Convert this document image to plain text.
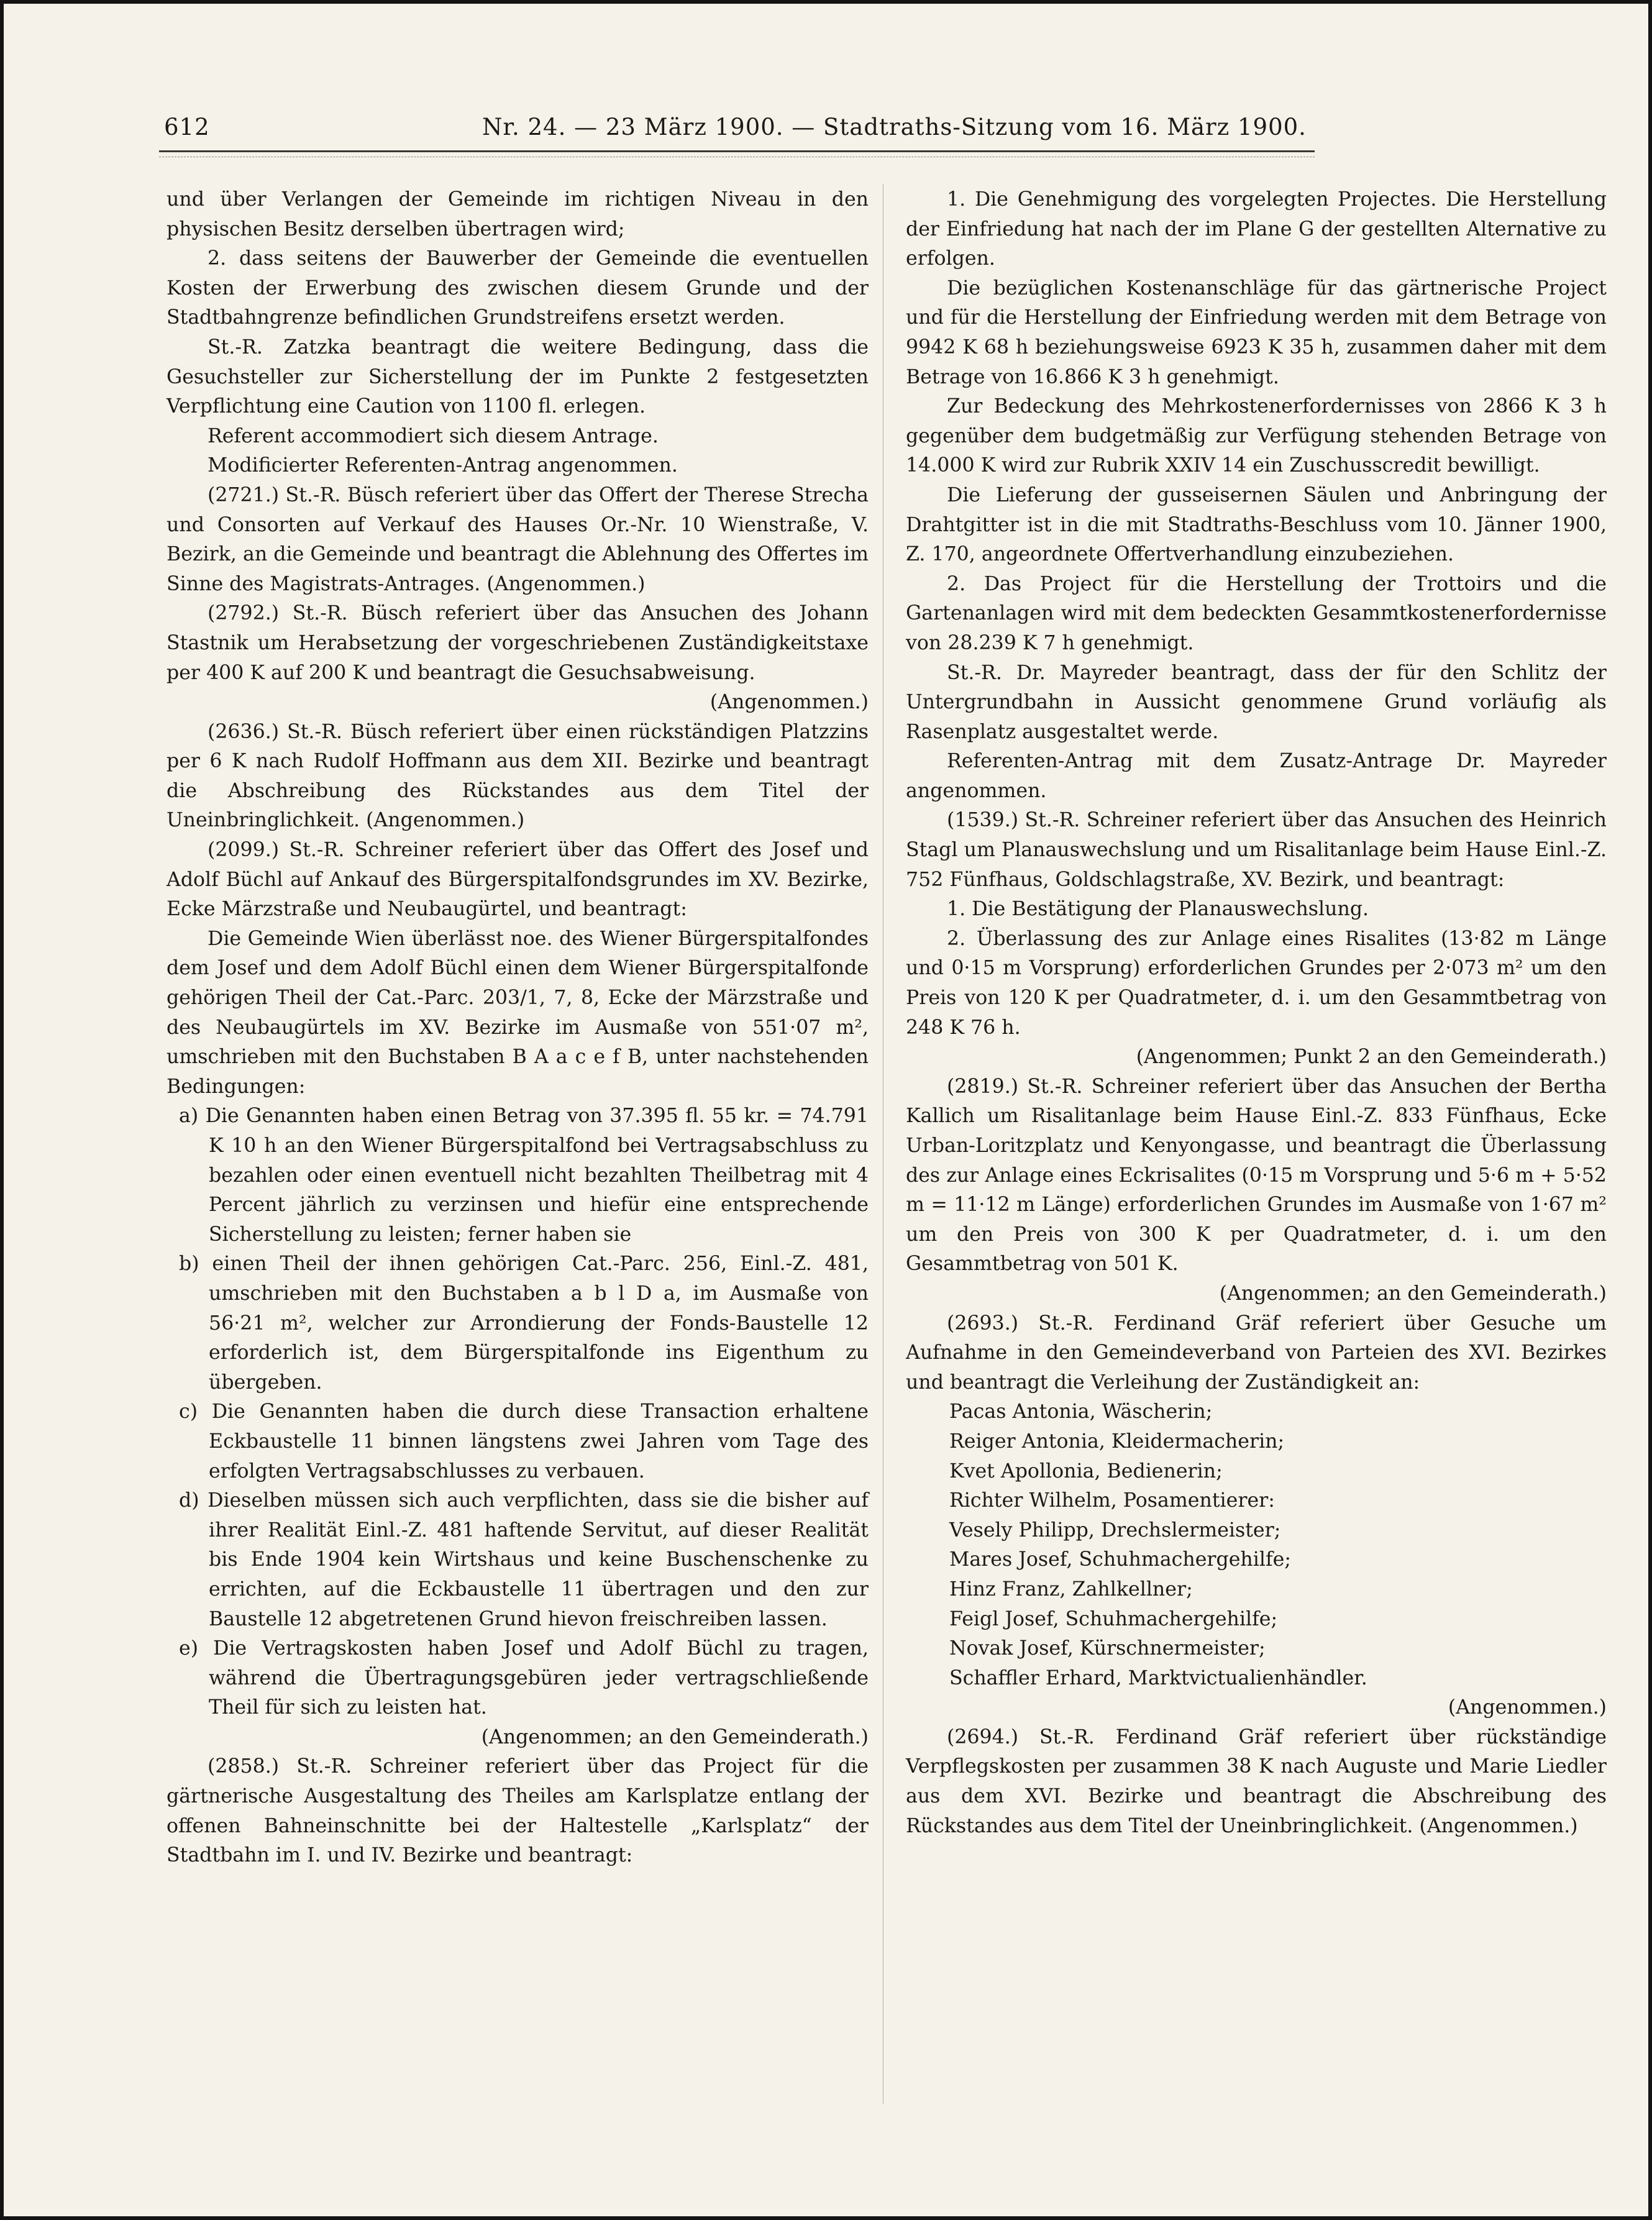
612	Nr. 24. — 23 März 1900. — Stadtraths-Sitzung vom 16. März 1900.

und über Verlangen der Gemeinde im richtigen Niveau in den physischen Besitz derselben übertragen wird;

2. dass seitens der Bauwerber der Gemeinde die eventuellen Kosten der Erwerbung des zwischen diesem Grunde und der Stadtbahngrenze befindlichen Grundstreifens ersetzt werden.

St.-R. Zatzka beantragt die weitere Bedingung, dass die Gesuchsteller zur Sicherstellung der im Punkte 2 festgesetzten Verpflichtung eine Caution von 1100 fl. erlegen.

Referent accommodiert sich diesem Antrage.

Modificierter Referenten-Antrag angenommen.

(2721.) St.-R. Büsch referiert über das Offert der Therese Strecha und Consorten auf Verkauf des Hauses Or.-Nr. 10 Wienstraße, V. Bezirk, an die Gemeinde und beantragt die Ablehnung des Offertes im Sinne des Magistrats-Antrages. (Angenommen.)

(2792.) St.-R. Büsch referiert über das Ansuchen des Johann Stastnik um Herabsetzung der vorgeschriebenen Zuständigkeitstaxe per 400 K auf 200 K und beantragt die Gesuchsabweisung.

(Angenommen.)

(2636.) St.-R. Büsch referiert über einen rückständigen Platzzins per 6 K nach Rudolf Hoffmann aus dem XII. Bezirke und beantragt die Abschreibung des Rückstandes aus dem Titel der Uneinbringlichkeit. (Angenommen.)

(2099.) St.-R. Schreiner referiert über das Offert des Josef und Adolf Büchl auf Ankauf des Bürgerspitalfondsgrundes im XV. Bezirke, Ecke Märzstraße und Neubaugürtel, und beantragt:

Die Gemeinde Wien überlässt noe. des Wiener Bürgerspitalfondes dem Josef und dem Adolf Büchl einen dem Wiener Bürgerspitalfonde gehörigen Theil der Cat.-Parc. 203/1, 7, 8, Ecke der Märzstraße und des Neubaugürtels im XV. Bezirke im Ausmaße von 551·07 m², umschrieben mit den Buchstaben B A a c e f B, unter nachstehenden Bedingungen:

a) Die Genannten haben einen Betrag von 37.395 fl. 55 kr. = 74.791 K 10 h an den Wiener Bürgerspitalfond bei Vertragsabschluss zu bezahlen oder einen eventuell nicht bezahlten Theilbetrag mit 4 Percent jährlich zu verzinsen und hiefür eine entsprechende Sicherstellung zu leisten; ferner haben sie

b) einen Theil der ihnen gehörigen Cat.-Parc. 256, Einl.-Z. 481, umschrieben mit den Buchstaben a b l D a, im Ausmaße von 56·21 m², welcher zur Arrondierung der Fonds-Baustelle 12 erforderlich ist, dem Bürgerspitalfonde ins Eigenthum zu übergeben.

c) Die Genannten haben die durch diese Transaction erhaltene Eckbaustelle 11 binnen längstens zwei Jahren vom Tage des erfolgten Vertragsabschlusses zu verbauen.

d) Dieselben müssen sich auch verpflichten, dass sie die bisher auf ihrer Realität Einl.-Z. 481 haftende Servitut, auf dieser Realität bis Ende 1904 kein Wirtshaus und keine Buschenschenke zu errichten, auf die Eckbaustelle 11 übertragen und den zur Baustelle 12 abgetretenen Grund hievon freischreiben lassen.

e) Die Vertragskosten haben Josef und Adolf Büchl zu tragen, während die Übertragungsgebüren jeder vertragschließende Theil für sich zu leisten hat.

(Angenommen; an den Gemeinderath.)

(2858.) St.-R. Schreiner referiert über das Project für die gärtnerische Ausgestaltung des Theiles am Karlsplatze entlang der offenen Bahneinschnitte bei der Haltestelle „Karlsplatz“ der Stadtbahn im I. und IV. Bezirke und beantragt:

1. Die Genehmigung des vorgelegten Projectes. Die Herstellung der Einfriedung hat nach der im Plane G der gestellten Alternative zu erfolgen.

Die bezüglichen Kostenanschläge für das gärtnerische Project und für die Herstellung der Einfriedung werden mit dem Betrage von 9942 K 68 h beziehungsweise 6923 K 35 h, zusammen daher mit dem Betrage von 16.866 K 3 h genehmigt.

Zur Bedeckung des Mehrkostenerfordernisses von 2866 K 3 h gegenüber dem budgetmäßig zur Verfügung stehenden Betrage von 14.000 K wird zur Rubrik XXIV 14 ein Zuschusscredit bewilligt.

Die Lieferung der gusseisernen Säulen und Anbringung der Drahtgitter ist in die mit Stadtraths-Beschluss vom 10. Jänner 1900, Z. 170, angeordnete Offertverhandlung einzubeziehen.

2. Das Project für die Herstellung der Trottoirs und die Gartenanlagen wird mit dem bedeckten Gesammtkostenerfordernisse von 28.239 K 7 h genehmigt.

St.-R. Dr. Mayreder beantragt, dass der für den Schlitz der Untergrundbahn in Aussicht genommene Grund vorläufig als Rasenplatz ausgestaltet werde.

Referenten-Antrag mit dem Zusatz-Antrage Dr. Mayreder angenommen.

(1539.) St.-R. Schreiner referiert über das Ansuchen des Heinrich Stagl um Planauswechslung und um Risalitanlage beim Hause Einl.-Z. 752 Fünfhaus, Goldschlagstraße, XV. Bezirk, und beantragt:

1. Die Bestätigung der Planauswechslung.

2. Überlassung des zur Anlage eines Risalites (13·82 m Länge und 0·15 m Vorsprung) erforderlichen Grundes per 2·073 m² um den Preis von 120 K per Quadratmeter, d. i. um den Gesammtbetrag von 248 K 76 h.

(Angenommen; Punkt 2 an den Gemeinderath.)

(2819.) St.-R. Schreiner referiert über das Ansuchen der Bertha Kallich um Risalitanlage beim Hause Einl.-Z. 833 Fünfhaus, Ecke Urban-Loritzplatz und Kenyongasse, und beantragt die Überlassung des zur Anlage eines Eckrisalites (0·15 m Vorsprung und 5·6 m + 5·52 m = 11·12 m Länge) erforderlichen Grundes im Ausmaße von 1·67 m² um den Preis von 300 K per Quadratmeter, d. i. um den Gesammtbetrag von 501 K.

(Angenommen; an den Gemeinderath.)

(2693.) St.-R. Ferdinand Gräf referiert über Gesuche um Aufnahme in den Gemeindeverband von Parteien des XVI. Bezirkes und beantragt die Verleihung der Zuständigkeit an:

Pacas Antonia, Wäscherin;

Reiger Antonia, Kleidermacherin;

Kvet Apollonia, Bedienerin;

Richter Wilhelm, Posamentierer:

Vesely Philipp, Drechslermeister;

Mares Josef, Schuhmachergehilfe;

Hinz Franz, Zahlkellner;

Feigl Josef, Schuhmachergehilfe;

Novak Josef, Kürschnermeister;

Schaffler Erhard, Marktvictualienhändler.

(Angenommen.)

(2694.) St.-R. Ferdinand Gräf referiert über rückständige Verpflegskosten per zusammen 38 K nach Auguste und Marie Liedler aus dem XVI. Bezirke und beantragt die Abschreibung des Rückstandes aus dem Titel der Uneinbringlichkeit. (Angenommen.)
